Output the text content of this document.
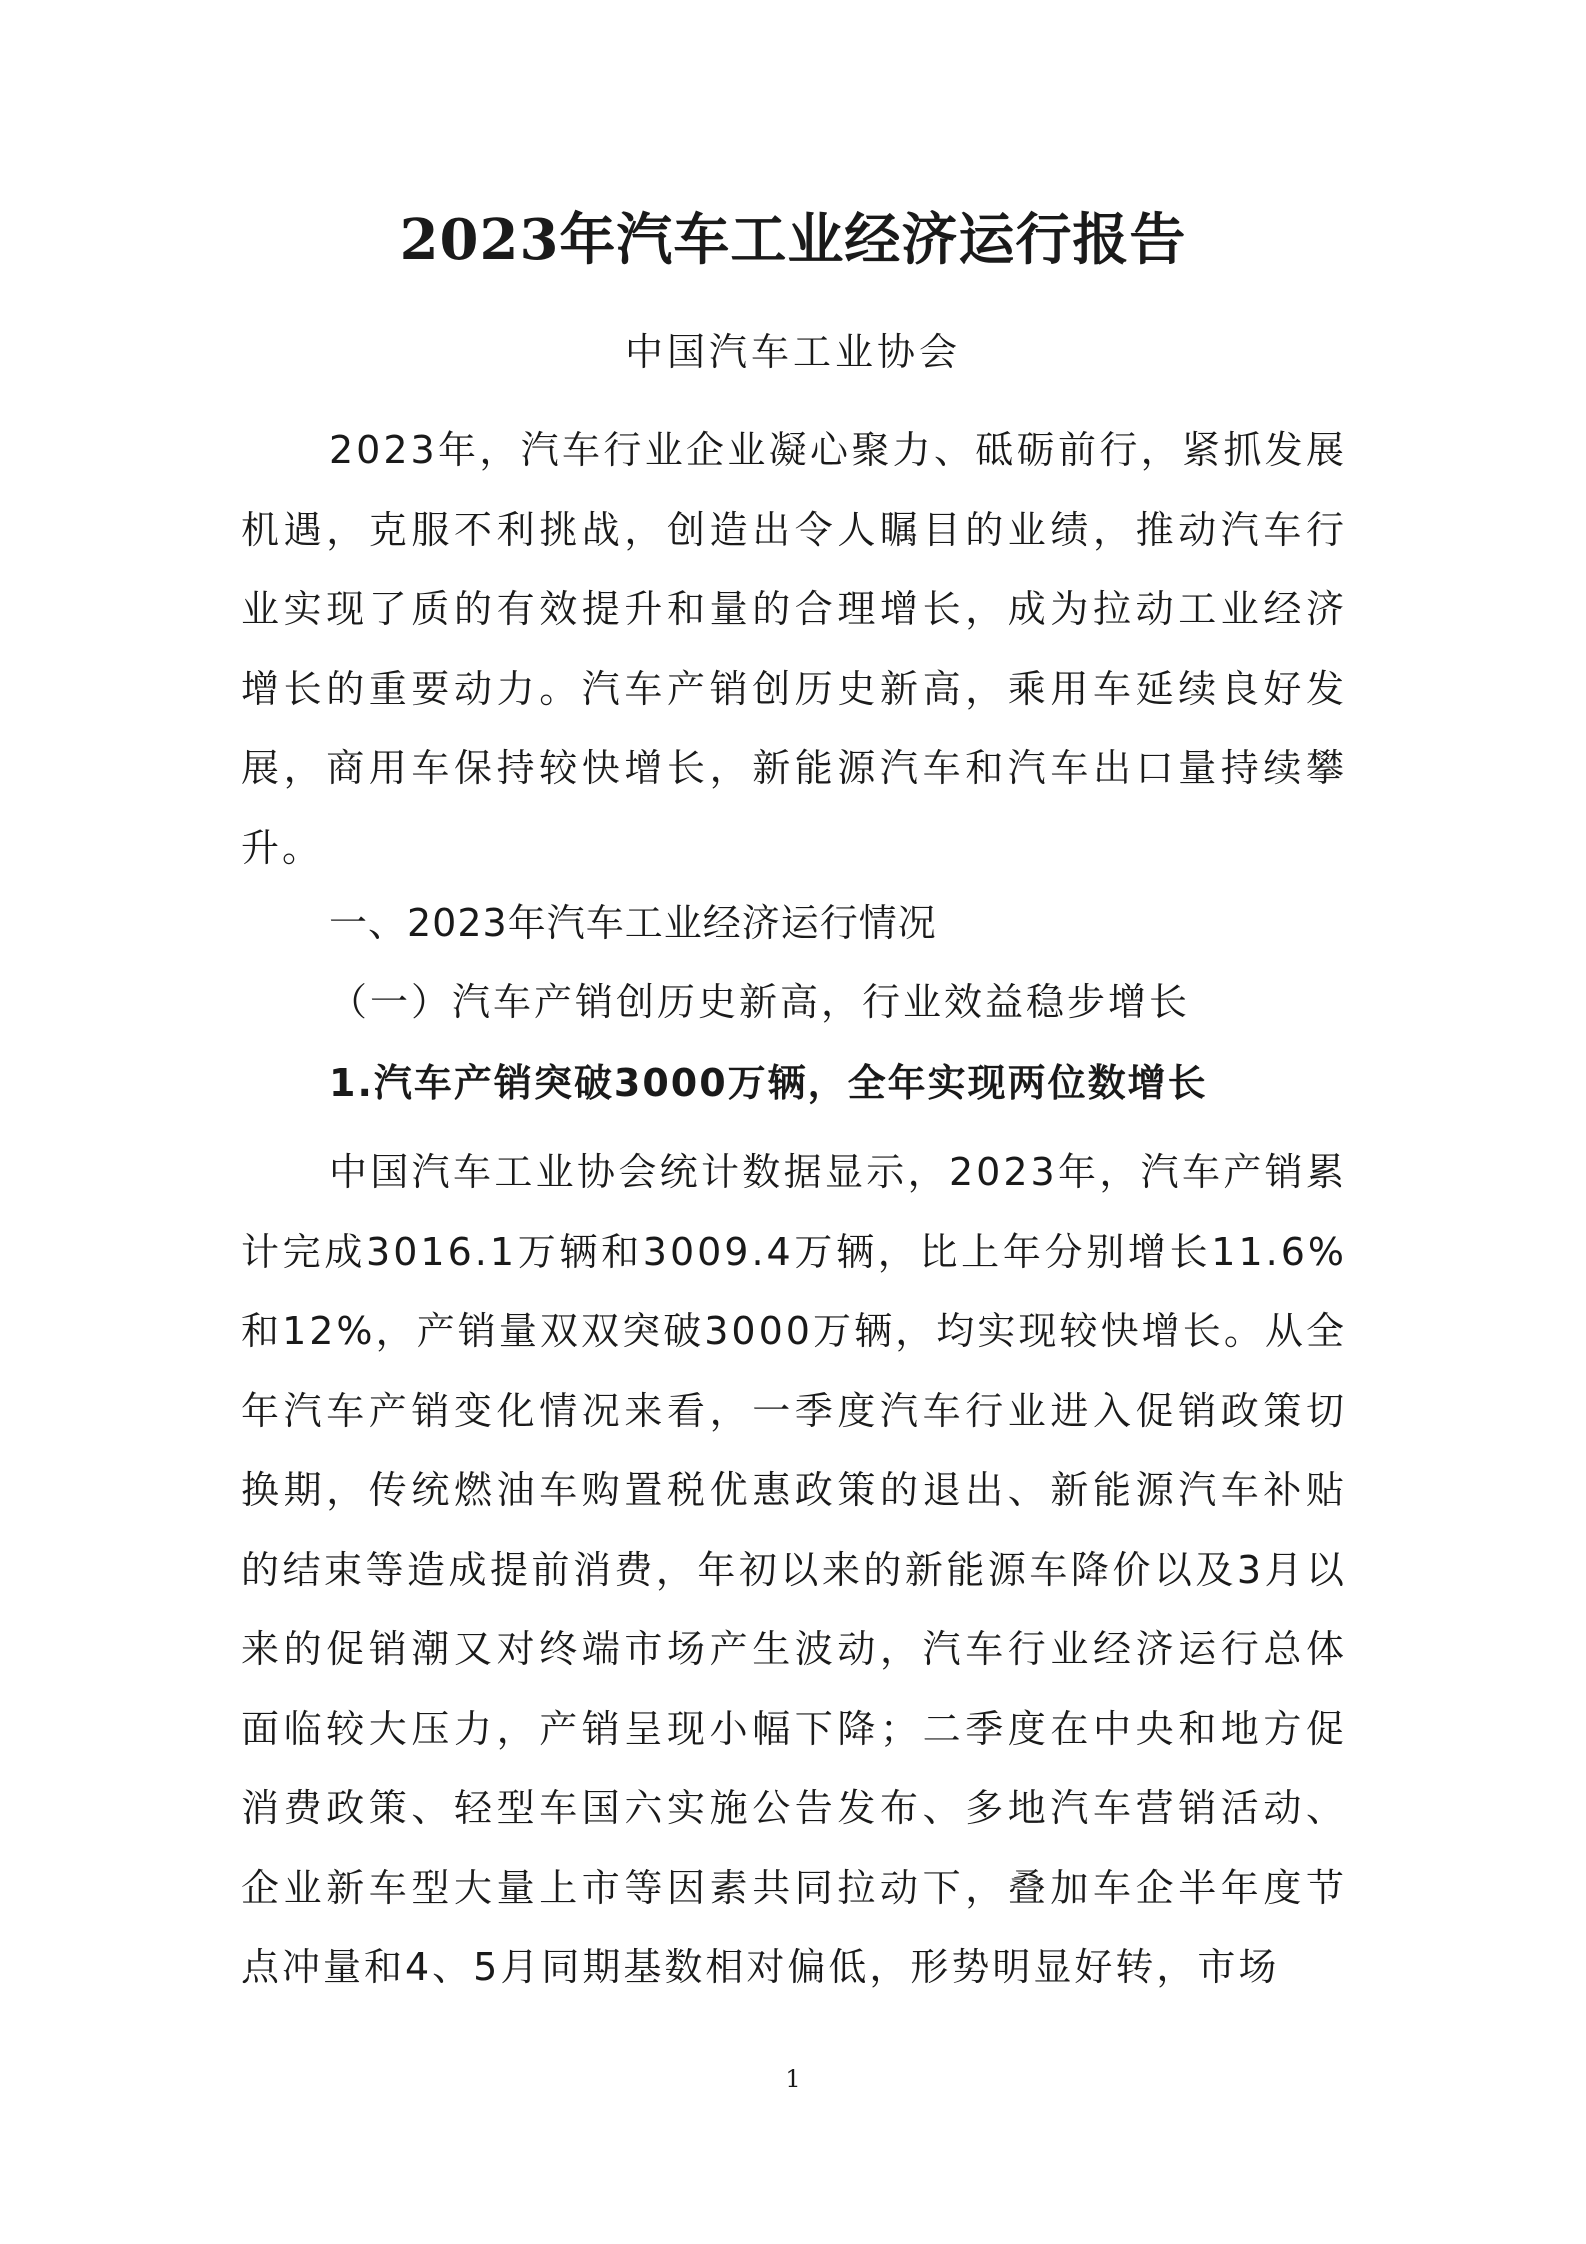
2023年汽车工业经济运行报告

中国汽车工业协会

2023年，汽车行业企业凝心聚力、砥砺前行，紧抓发展机遇，克服不利挑战，创造出令人瞩目的业绩，推动汽车行业实现了质的有效提升和量的合理增长，成为拉动工业经济增长的重要动力。汽车产销创历史新高，乘用车延续良好发展，商用车保持较快增长，新能源汽车和汽车出口量持续攀升。

一、2023年汽车工业经济运行情况
（一）汽车产销创历史新高，行业效益稳步增长
1.汽车产销突破3000万辆，全年实现两位数增长

中国汽车工业协会统计数据显示，2023年，汽车产销累计完成3016.1万辆和3009.4万辆，比上年分别增长11.6%和12%，产销量双双突破3000万辆，均实现较快增长。从全年汽车产销变化情况来看，一季度汽车行业进入促销政策切换期，传统燃油车购置税优惠政策的退出、新能源汽车补贴的结束等造成提前消费，年初以来的新能源车降价以及3月以来的促销潮又对终端市场产生波动，汽车行业经济运行总体面临较大压力，产销呈现小幅下降；二季度在中央和地方促消费政策、轻型车国六实施公告发布、多地汽车营销活动、企业新车型大量上市等因素共同拉动下，叠加车企半年度节点冲量和4、5月同期基数相对偏低，形势明显好转，市场

1
